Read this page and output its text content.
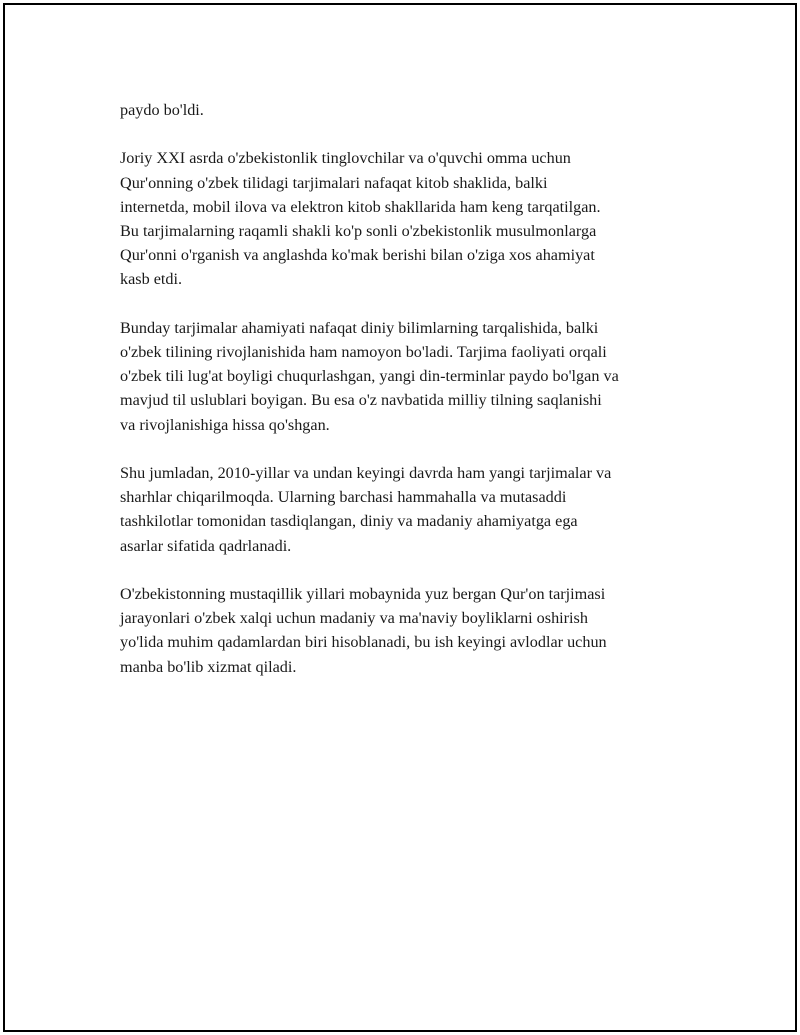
paydo bo'ldi.

Joriy XXI asrda o'zbekistonlik tinglovchilar va o'quvchi omma uchun
Qur'onning o'zbek tilidagi tarjimalari nafaqat kitob shaklida, balki
internetda, mobil ilova va elektron kitob shakllarida ham keng tarqatilgan.
Bu tarjimalarning raqamli shakli ko'p sonli o'zbekistonlik musulmonlarga
Qur'onni o'rganish va anglashda ko'mak berishi bilan o'ziga xos ahamiyat
kasb etdi.

Bunday tarjimalar ahamiyati nafaqat diniy bilimlarning tarqalishida, balki
o'zbek tilining rivojlanishida ham namoyon bo'ladi. Tarjima faoliyati orqali
o'zbek tili lug'at boyligi chuqurlashgan, yangi din-terminlar paydo bo'lgan va
mavjud til uslublari boyigan. Bu esa o'z navbatida milliy tilning saqlanishi
va rivojlanishiga hissa qo'shgan.

Shu jumladan, 2010-yillar va undan keyingi davrda ham yangi tarjimalar va
sharhlar chiqarilmoqda. Ularning barchasi hammahalla va mutasaddi
tashkilotlar tomonidan tasdiqlangan, diniy va madaniy ahamiyatga ega
asarlar sifatida qadrlanadi.

O'zbekistonning mustaqillik yillari mobaynida yuz bergan Qur'on tarjimasi
jarayonlari o'zbek xalqi uchun madaniy va ma'naviy boyliklarni oshirish
yo'lida muhim qadamlardan biri hisoblanadi, bu ish keyingi avlodlar uchun
manba bo'lib xizmat qiladi.
